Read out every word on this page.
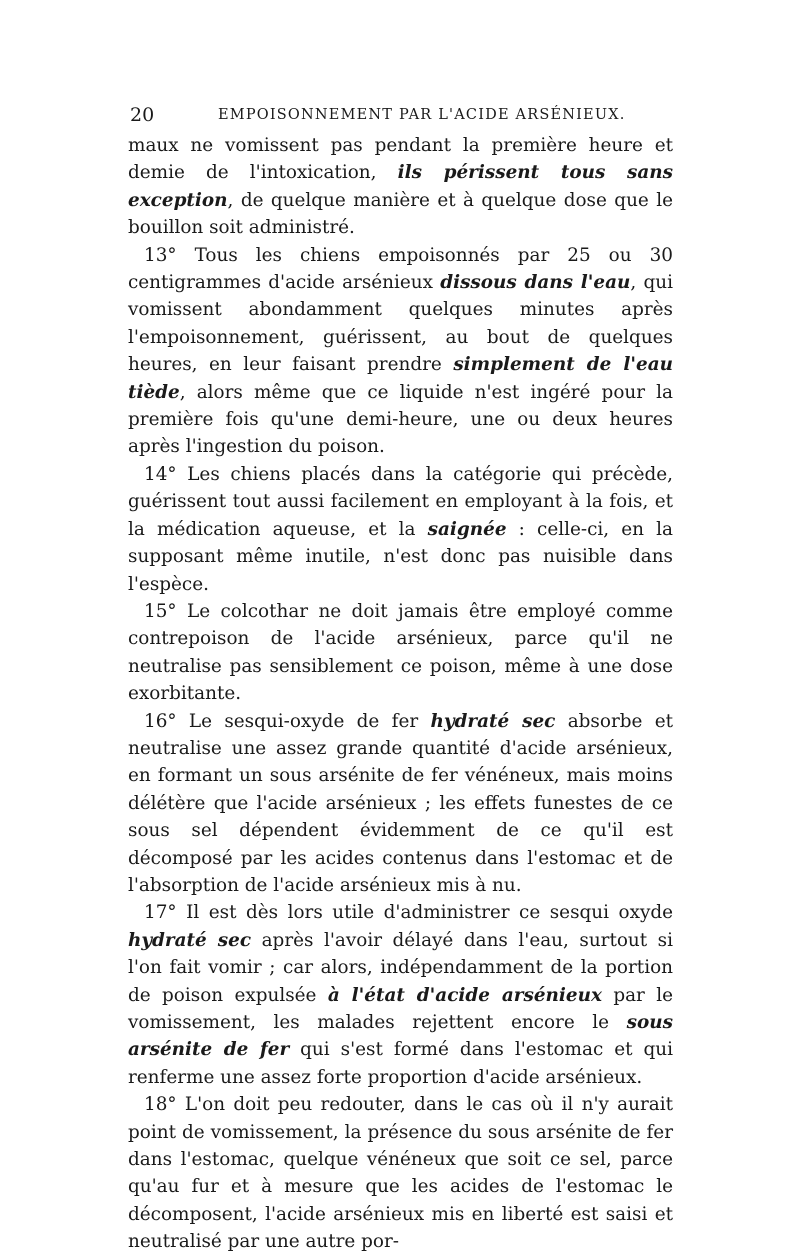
20	EMPOISONNEMENT PAR L'ACIDE ARSÉNIEUX.

maux ne vomissent pas pendant la première heure et demie de l'intoxication, ils périssent tous sans exception, de quelque manière et à quelque dose que le bouillon soit administré.

13° Tous les chiens empoisonnés par 25 ou 30 centigrammes d'acide arsénieux dissous dans l'eau, qui vomissent abondamment quelques minutes après l'empoisonnement, guérissent, au bout de quelques heures, en leur faisant prendre simplement de l'eau tiède, alors même que ce liquide n'est ingéré pour la première fois qu'une demi-heure, une ou deux heures après l'ingestion du poison.

14° Les chiens placés dans la catégorie qui précède, guérissent tout aussi facilement en employant à la fois, et la médication aqueuse, et la saignée : celle-ci, en la supposant même inutile, n'est donc pas nuisible dans l'espèce.

15° Le colcothar ne doit jamais être employé comme contrepoison de l'acide arsénieux, parce qu'il ne neutralise pas sensiblement ce poison, même à une dose exorbitante.

16° Le sesqui-oxyde de fer hydraté sec absorbe et neutralise une assez grande quantité d'acide arsénieux, en formant un sous arsénite de fer vénéneux, mais moins délétère que l'acide arsénieux ; les effets funestes de ce sous sel dépendent évidemment de ce qu'il est décomposé par les acides contenus dans l'estomac et de l'absorption de l'acide arsénieux mis à nu.

17° Il est dès lors utile d'administrer ce sesqui oxyde hydraté sec après l'avoir délayé dans l'eau, surtout si l'on fait vomir ; car alors, indépendamment de la portion de poison expulsée à l'état d'acide arsénieux par le vomissement, les malades rejettent encore le sous arsénite de fer qui s'est formé dans l'estomac et qui renferme une assez forte proportion d'acide arsénieux.

18° L'on doit peu redouter, dans le cas où il n'y aurait point de vomissement, la présence du sous arsénite de fer dans l'estomac, quelque vénéneux que soit ce sel, parce qu'au fur et à mesure que les acides de l'estomac le décomposent, l'acide arsénieux mis en liberté est saisi et neutralisé par une autre por-
